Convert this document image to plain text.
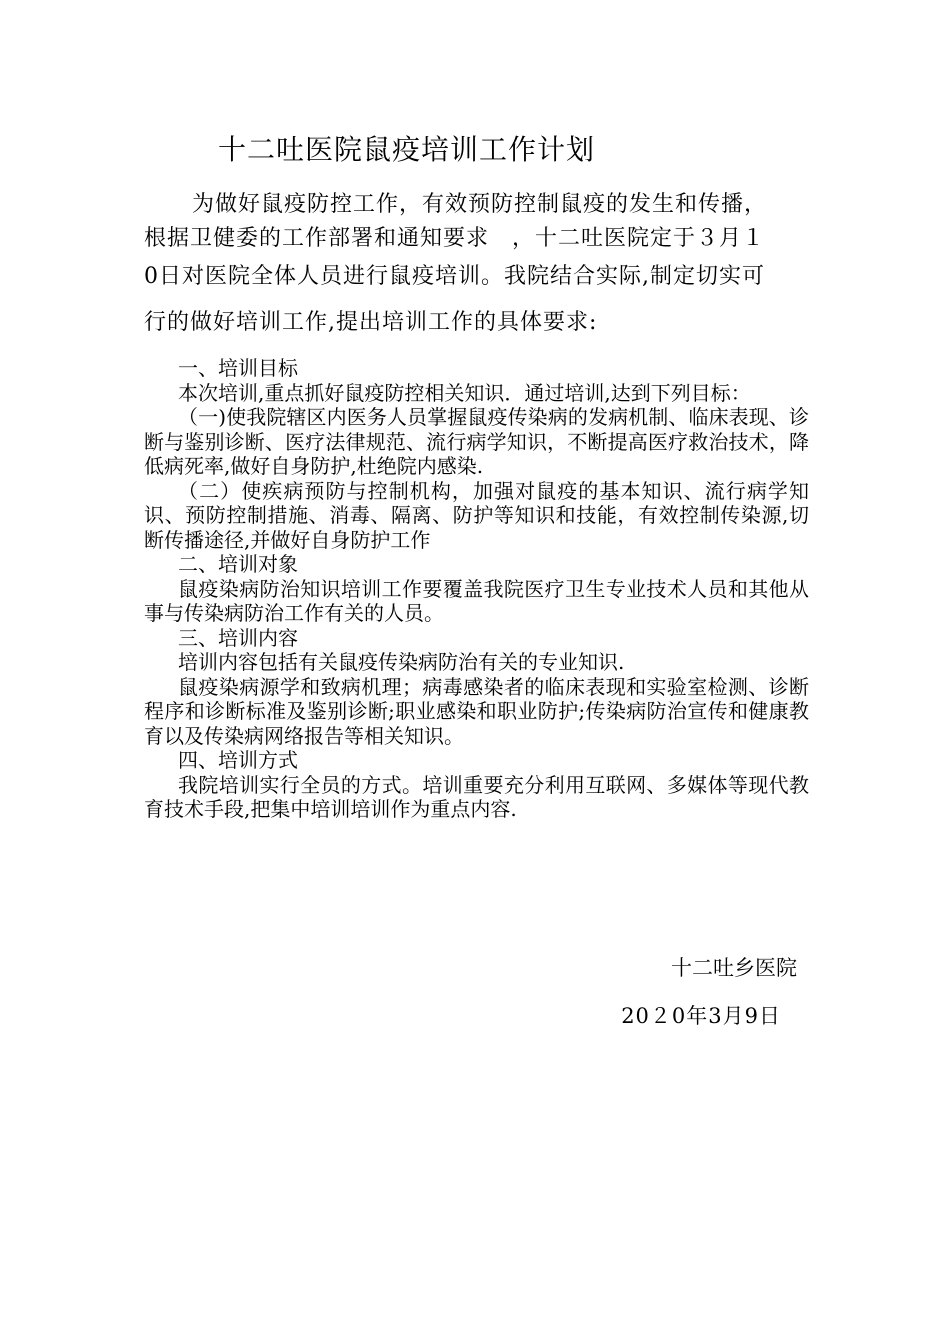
十二吐医院鼠疫培训工作计划
为做好鼠疫防控工作，有效预防控制鼠疫的发生和传播，
根据卫健委的工作部署和通知要求　，十二吐医院定于３月１
0日对医院全体人员进行鼠疫培训。我院结合实际,制定切实可
行的做好培训工作,提出培训工作的具体要求:

一、培训目标

本次培训,重点抓好鼠疫防控相关知识．通过培训,达到下列目标：

（一)使我院辖区内医务人员掌握鼠疫传染病的发病机制、临床表现、诊断与鉴别诊断、医疗法律规范、流行病学知识，不断提高医疗救治技术，降低病死率,做好自身防护,杜绝院内感染.

（二）使疾病预防与控制机构，加强对鼠疫的基本知识、流行病学知识、预防控制措施、消毒、隔离、防护等知识和技能，有效控制传染源,切断传播途径,并做好自身防护工作

二、培训对象

鼠疫染病防治知识培训工作要覆盖我院医疗卫生专业技术人员和其他从事与传染病防治工作有关的人员。

三、培训内容

培训内容包括有关鼠疫传染病防治有关的专业知识.

鼠疫染病源学和致病机理；病毒感染者的临床表现和实验室检测、诊断程序和诊断标准及鉴别诊断;职业感染和职业防护;传染病防治宣传和健康教育以及传染病网络报告等相关知识。

四、培训方式

我院培训实行全员的方式。培训重要充分利用互联网、多媒体等现代教育技术手段,把集中培训培训作为重点内容.

十二吐乡医院
20２0年3月9日
